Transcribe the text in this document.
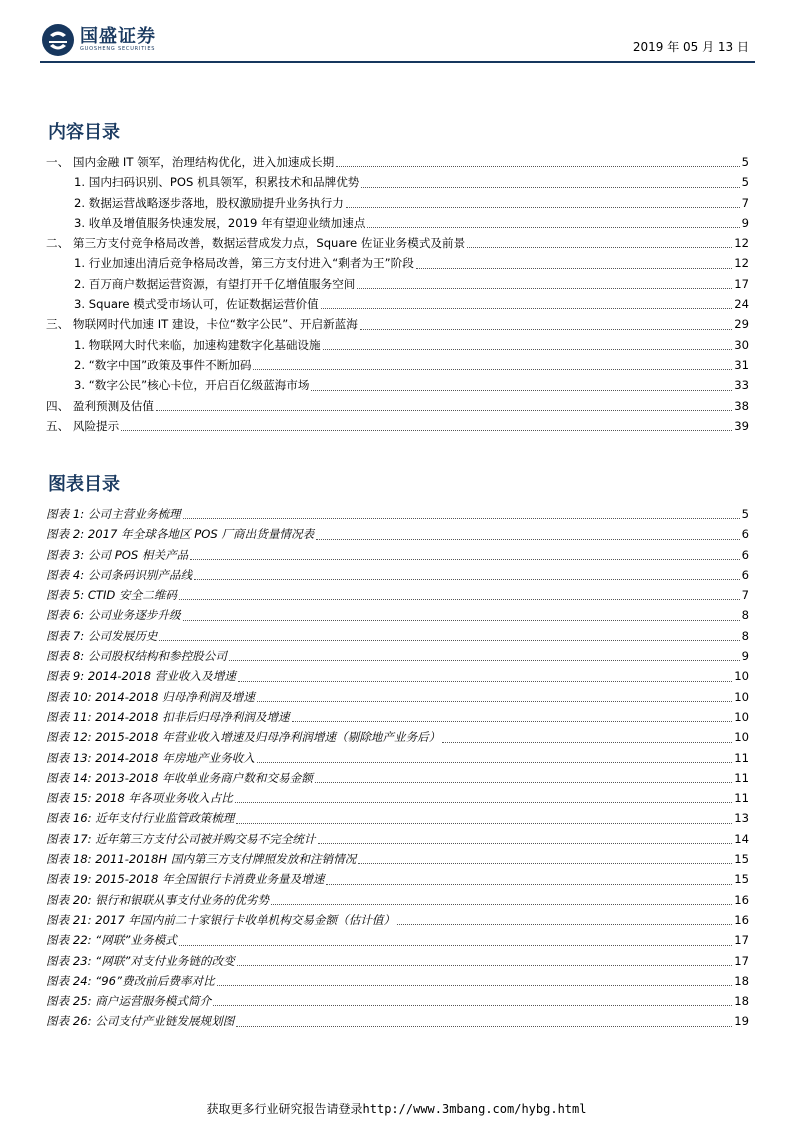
国盛证券
GUOSHENG SECURITIES	2019 年 05 月 13 日
内容目录
一、 国内金融 IT 领军，治理结构优化，进入加速成长期	5
1. 国内扫码识别、POS 机具领军，积累技术和品牌优势	5
2. 数据运营战略逐步落地，股权激励提升业务执行力	7
3. 收单及增值服务快速发展，2019 年有望迎业绩加速点	9
二、 第三方支付竞争格局改善，数据运营成发力点，Square 佐证业务模式及前景	12
1. 行业加速出清后竞争格局改善，第三方支付进入“剩者为王”阶段	12
2. 百万商户数据运营资源，有望打开千亿增值服务空间	17
3. Square 模式受市场认可，佐证数据运营价值	24
三、 物联网时代加速 IT 建设，卡位“数字公民”、开启新蓝海	29
1. 物联网大时代来临，加速构建数字化基础设施	30
2. “数字中国”政策及事件不断加码	31
3. “数字公民”核心卡位，开启百亿级蓝海市场	33
四、 盈利预测及估值	38
五、 风险提示	39
图表目录
图表 1: 公司主营业务梳理	5
图表 2: 2017 年全球各地区 POS 厂商出货量情况表	6
图表 3: 公司 POS 相关产品	6
图表 4: 公司条码识别产品线	6
图表 5: CTID 安全二维码	7
图表 6: 公司业务逐步升级	8
图表 7: 公司发展历史	8
图表 8: 公司股权结构和参控股公司	9
图表 9: 2014-2018 营业收入及增速	10
图表 10: 2014-2018 归母净利润及增速	10
图表 11: 2014-2018 扣非后归母净利润及增速	10
图表 12: 2015-2018 年营业收入增速及归母净利润增速（剔除地产业务后）	10
图表 13: 2014-2018 年房地产业务收入	11
图表 14: 2013-2018 年收单业务商户数和交易金额	11
图表 15: 2018 年各项业务收入占比	11
图表 16: 近年支付行业监管政策梳理	13
图表 17: 近年第三方支付公司被并购交易不完全统计	14
图表 18: 2011-2018H 国内第三方支付牌照发放和注销情况	15
图表 19: 2015-2018 年全国银行卡消费业务量及增速	15
图表 20: 银行和银联从事支付业务的优劣势	16
图表 21: 2017 年国内前二十家银行卡收单机构交易金额（估计值）	16
图表 22: “网联”业务模式	17
图表 23: “网联”对支付业务链的改变	17
图表 24: “96”费改前后费率对比	18
图表 25: 商户运营服务模式简介	18
图表 26: 公司支付产业链发展规划图	19
获取更多行业研究报告请登录http://www.3mbang.com/hybg.html
